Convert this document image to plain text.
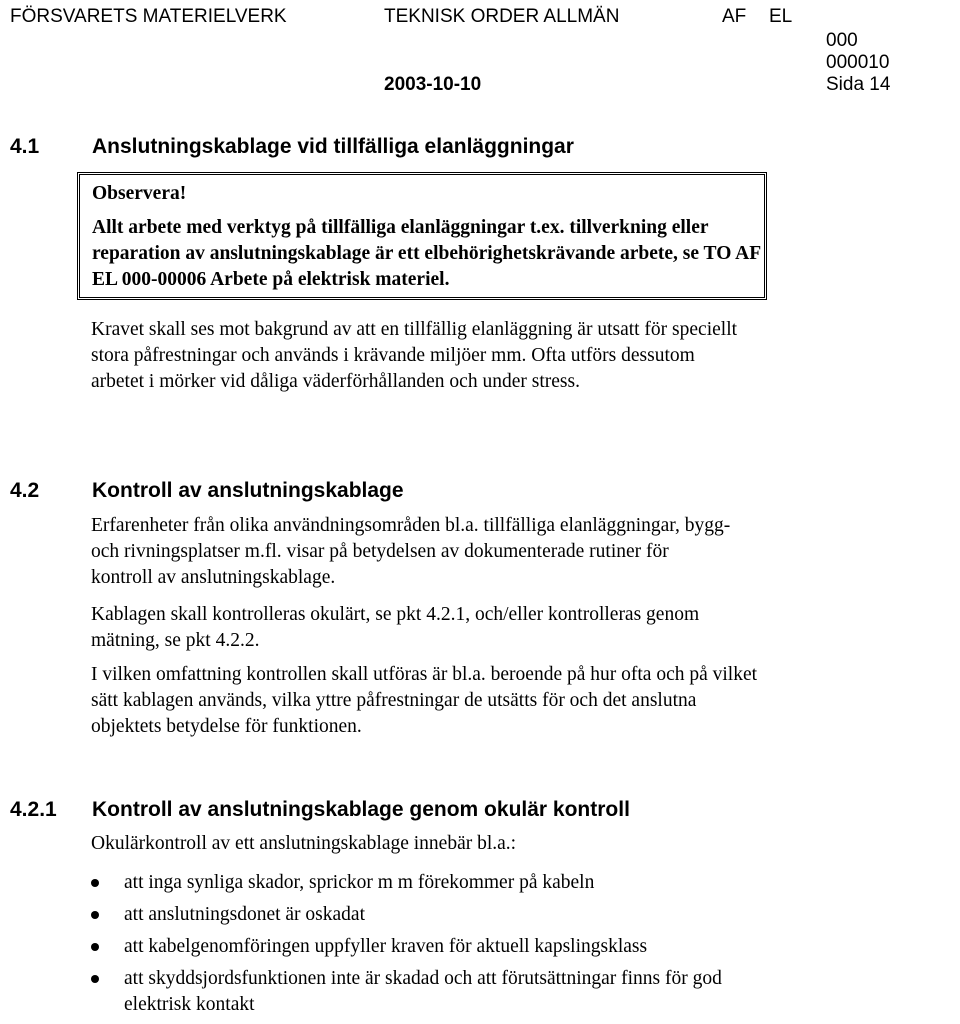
FÖRSVARETS MATERIELVERK	TEKNISK ORDER ALLMÄN	AF EL
000
000010
2003-10-10	Sida 14
4.1	Anslutningskablage vid tillfälliga elanläggningar
Observera!
Allt arbete med verktyg på tillfälliga elanläggningar t.ex. tillverkning eller reparation av anslutningskablage är ett elbehörighetskrävande arbete, se TO AF EL 000-00006 Arbete på elektrisk materiel.
Kravet skall ses mot bakgrund av att en tillfällig elanläggning är utsatt för speciellt stora påfrestningar och används i krävande miljöer mm. Ofta utförs dessutom arbetet i mörker vid dåliga väderförhållanden och under stress.
4.2	Kontroll av anslutningskablage
Erfarenheter från olika användningsområden bl.a. tillfälliga elanläggningar, bygg- och rivningsplatser m.fl. visar på betydelsen av dokumenterade rutiner för kontroll av anslutningskablage.
Kablagen skall kontrolleras okulärt, se pkt 4.2.1, och/eller kontrolleras genom mätning, se pkt 4.2.2.
I vilken omfattning kontrollen skall utföras är bl.a. beroende på hur ofta och på vilket sätt kablagen används, vilka yttre påfrestningar de utsätts för och det anslutna objektets betydelse för funktionen.
4.2.1 Kontroll av anslutningskablage genom okulär kontroll
Okulärkontroll av ett anslutningskablage innebär bl.a.:
att inga synliga skador, sprickor m m förekommer på kabeln
att anslutningsdonet är oskadat
att kabelgenomföringen uppfyller kraven för aktuell kapslingsklass
att skyddsjordsfunktionen inte är skadad och att förutsättningar finns för god elektrisk kontakt
